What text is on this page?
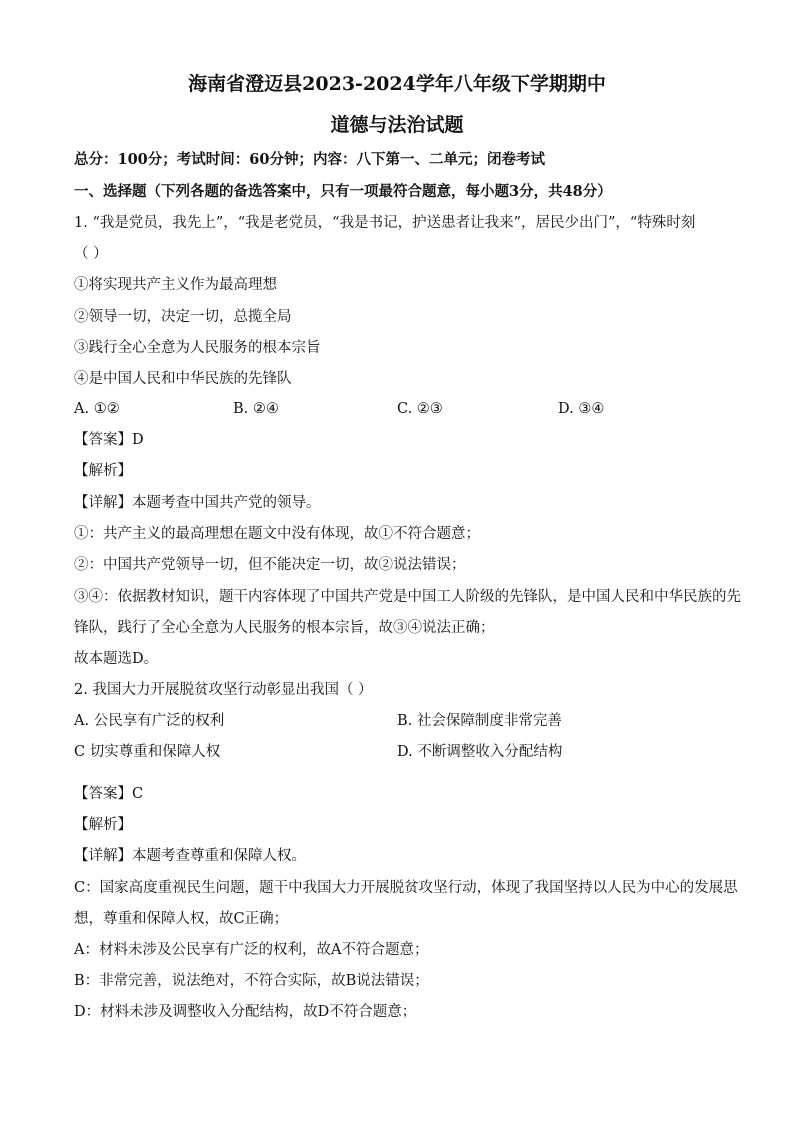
海南省澄迈县2023-2024学年八年级下学期期中
道德与法治试题
总分：100分；考试时间：60分钟；内容：八下第一、二单元；闭卷考试
一、选择题（下列各题的备选答案中，只有一项最符合题意，每小题3分，共48分）
1. “我是党员，我先上”，“我是老党员，“我是书记，护送患者让我来”，居民少出门”，“特殊时刻
（ ）
①将实现共产主义作为最高理想
②领导一切，决定一切，总揽全局
③践行全心全意为人民服务的根本宗旨
④是中国人民和中华民族的先锋队
A. ①②	B. ②④	C. ②③	D. ③④
【答案】D
【解析】
【详解】本题考查中国共产党的领导。
①：共产主义的最高理想在题文中没有体现，故①不符合题意；
②：中国共产党领导一切，但不能决定一切，故②说法错误；
③④：依据教材知识，题干内容体现了中国共产党是中国工人阶级的先锋队，是中国人民和中华民族的先
锋队，践行了全心全意为人民服务的根本宗旨，故③④说法正确；
故本题选D。
2. 我国大力开展脱贫攻坚行动彰显出我国（ ）
A. 公民享有广泛的权利	B. 社会保障制度非常完善
C 切实尊重和保障人权	D. 不断调整收入分配结构
【答案】C
【解析】
【详解】本题考查尊重和保障人权。
C：国家高度重视民生问题，题干中我国大力开展脱贫攻坚行动，体现了我国坚持以人民为中心的发展思
想，尊重和保障人权，故C正确；
A：材料未涉及公民享有广泛的权利，故A不符合题意；
B：非常完善，说法绝对，不符合实际，故B说法错误；
D：材料未涉及调整收入分配结构，故D不符合题意；
